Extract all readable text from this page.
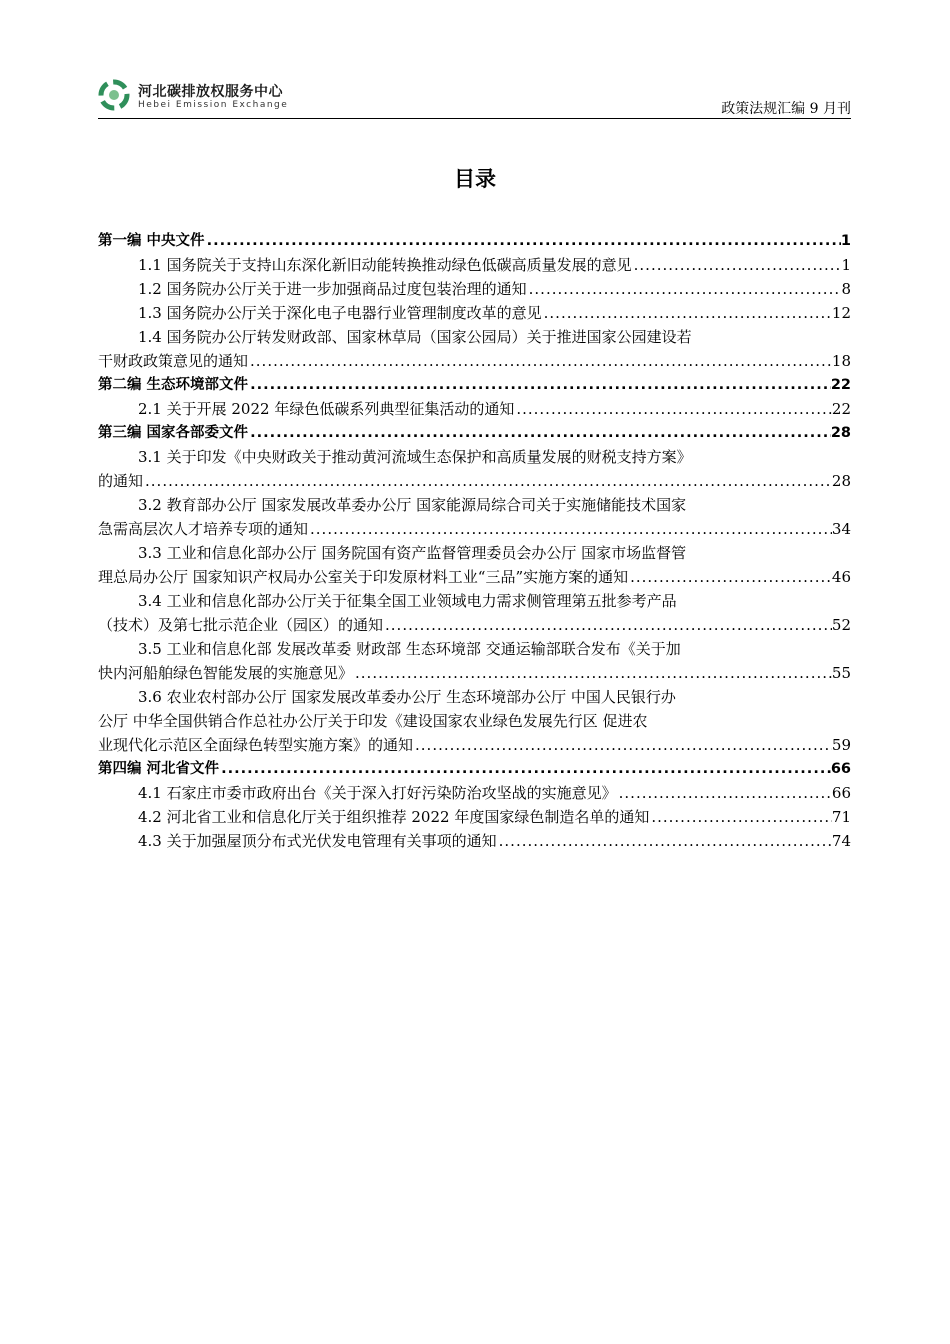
河北碳排放权服务中心
Hebei Emission Exchange	政策法规汇编 9 月刊
目录
第一编 中央文件 .....	1
1.1 国务院关于支持山东深化新旧动能转换推动绿色低碳高质量发展的意见 .....	1
1.2 国务院办公厅关于进一步加强商品过度包装治理的通知 .....	8
1.3 国务院办公厅关于深化电子电器行业管理制度改革的意见 .....	12
1.4 国务院办公厅转发财政部、国家林草局（国家公园局）关于推进国家公园建设若
干财政政策意见的通知 .....	18
第二编 生态环境部文件 .....	22
2.1 关于开展 2022 年绿色低碳系列典型征集活动的通知 .....	22
第三编 国家各部委文件 .....	28
3.1 关于印发《中央财政关于推动黄河流域生态保护和高质量发展的财税支持方案》
的通知 .....	28
3.2 教育部办公厅 国家发展改革委办公厅 国家能源局综合司关于实施储能技术国家
急需高层次人才培养专项的通知 .....	34
3.3 工业和信息化部办公厅 国务院国有资产监督管理委员会办公厅 国家市场监督管
理总局办公厅 国家知识产权局办公室关于印发原材料工业“三品”实施方案的通知 .....	46
3.4 工业和信息化部办公厅关于征集全国工业领域电力需求侧管理第五批参考产品
（技术）及第七批示范企业（园区）的通知 .....	52
3.5 工业和信息化部 发展改革委 财政部 生态环境部 交通运输部联合发布《关于加
快内河船舶绿色智能发展的实施意见》 .....	55
3.6 农业农村部办公厅 国家发展改革委办公厅 生态环境部办公厅 中国人民银行办
公厅 中华全国供销合作总社办公厅关于印发《建设国家农业绿色发展先行区 促进农
业现代化示范区全面绿色转型实施方案》的通知 .....	59
第四编 河北省文件 .....	66
4.1 石家庄市委市政府出台《关于深入打好污染防治攻坚战的实施意见》 .....	66
4.2 河北省工业和信息化厅关于组织推荐 2022 年度国家绿色制造名单的通知 .....	71
4.3 关于加强屋顶分布式光伏发电管理有关事项的通知 .....	74
